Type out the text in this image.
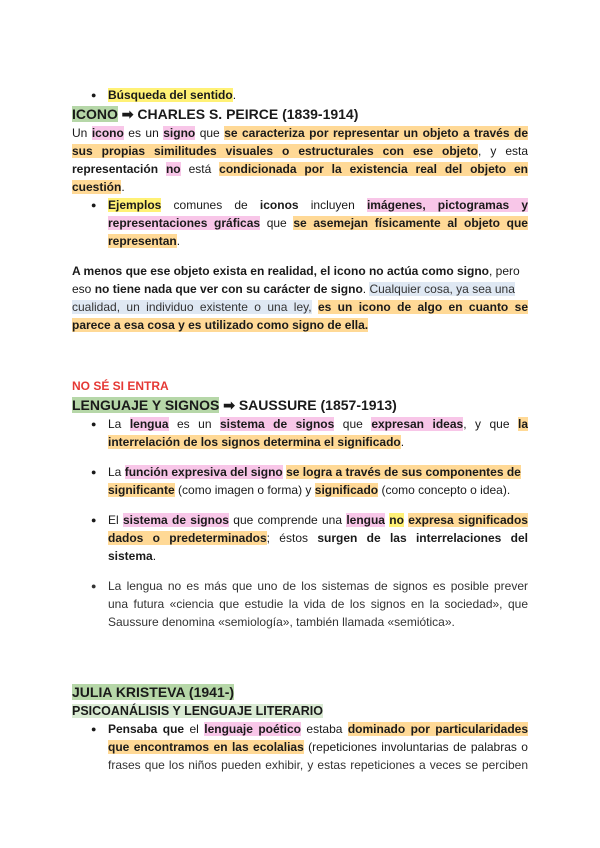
● Búsqueda del sentido.
ICONO ➡ CHARLES S. PEIRCE (1839-1914)
Un icono es un signo que se caracteriza por representar un objeto a través de
sus propias similitudes visuales o estructurales con ese objeto, y esta
representación no está condicionada por la existencia real del objeto en
cuestión.
● Ejemplos comunes de iconos incluyen imágenes, pictogramas y
representaciones gráficas que se asemejan físicamente al objeto que
representan.
A menos que ese objeto exista en realidad, el icono no actúa como signo, pero
eso no tiene nada que ver con su carácter de signo. Cualquier cosa, ya sea una
cualidad, un individuo existente o una ley, es un icono de algo en cuanto se
parece a esa cosa y es utilizado como signo de ella.
NO SÉ SI ENTRA
LENGUAJE Y SIGNOS ➡ SAUSSURE (1857-1913)
● La lengua es un sistema de signos que expresan ideas, y que la
interrelación de los signos determina el significado.
● La función expresiva del signo se logra a través de sus componentes de
significante (como imagen o forma) y significado (como concepto o idea).
● El sistema de signos que comprende una lengua no expresa significados
dados o predeterminados; éstos surgen de las interrelaciones del
sistema.
● La lengua no es más que uno de los sistemas de signos es posible prever
una futura «ciencia que estudie la vida de los signos en la sociedad», que
Saussure denomina «semiología», también llamada «semiótica».
JULIA KRISTEVA (1941-)
PSICOANÁLISIS Y LENGUAJE LITERARIO
● Pensaba que el lenguaje poético estaba dominado por particularidades
que encontramos en las ecolalias (repeticiones involuntarias de palabras o
frases que los niños pueden exhibir, y estas repeticiones a veces se perciben
